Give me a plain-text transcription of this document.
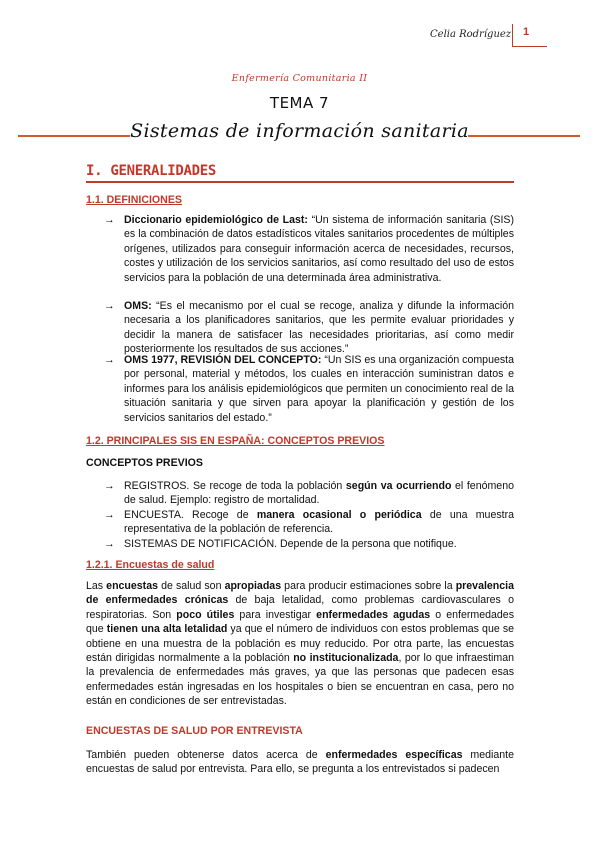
Celia Rodríguez 1
Enfermería Comunitaria II
TEMA 7
Sistemas de información sanitaria
I. GENERALIDADES
1.1. DEFINICIONES
→ Diccionario epidemiológico de Last: “Un sistema de información sanitaria (SIS) es la combinación de datos estadísticos vitales sanitarios procedentes de múltiples orígenes, utilizados para conseguir información acerca de necesidades, recursos, costes y utilización de los servicios sanitarios, así como resultado del uso de estos servicios para la población de una determinada área administrativa.
→ OMS: “Es el mecanismo por el cual se recoge, analiza y difunde la información necesaria a los planificadores sanitarios, que les permite evaluar prioridades y decidir la manera de satisfacer las necesidades prioritarias, así como medir posteriormente los resultados de sus acciones.”
→ OMS 1977, REVISIÓN DEL CONCEPTO: “Un SIS es una organización compuesta por personal, material y métodos, los cuales en interacción suministran datos e informes para los análisis epidemiológicos que permiten un conocimiento real de la situación sanitaria y que sirven para apoyar la planificación y gestión de los servicios sanitarios del estado.”
1.2. PRINCIPALES SIS EN ESPAÑA: CONCEPTOS PREVIOS
CONCEPTOS PREVIOS
→ REGISTROS. Se recoge de toda la población según va ocurriendo el fenómeno de salud. Ejemplo: registro de mortalidad.
→ ENCUESTA. Recoge de manera ocasional o periódica de una muestra representativa de la población de referencia.
→ SISTEMAS DE NOTIFICACIÓN. Depende de la persona que notifique.
1.2.1. Encuestas de salud
Las encuestas de salud son apropiadas para producir estimaciones sobre la prevalencia de enfermedades crónicas de baja letalidad, como problemas cardiovasculares o respiratorias. Son poco útiles para investigar enfermedades agudas o enfermedades que tienen una alta letalidad ya que el número de individuos con estos problemas que se obtiene en una muestra de la población es muy reducido. Por otra parte, las encuestas están dirigidas normalmente a la población no institucionalizada, por lo que infraestiman la prevalencia de enfermedades más graves, ya que las personas que padecen esas enfermedades están ingresadas en los hospitales o bien se encuentran en casa, pero no están en condiciones de ser entrevistadas.
ENCUESTAS DE SALUD POR ENTREVISTA
También pueden obtenerse datos acerca de enfermedades específicas mediante encuestas de salud por entrevista. Para ello, se pregunta a los entrevistados si padecen
